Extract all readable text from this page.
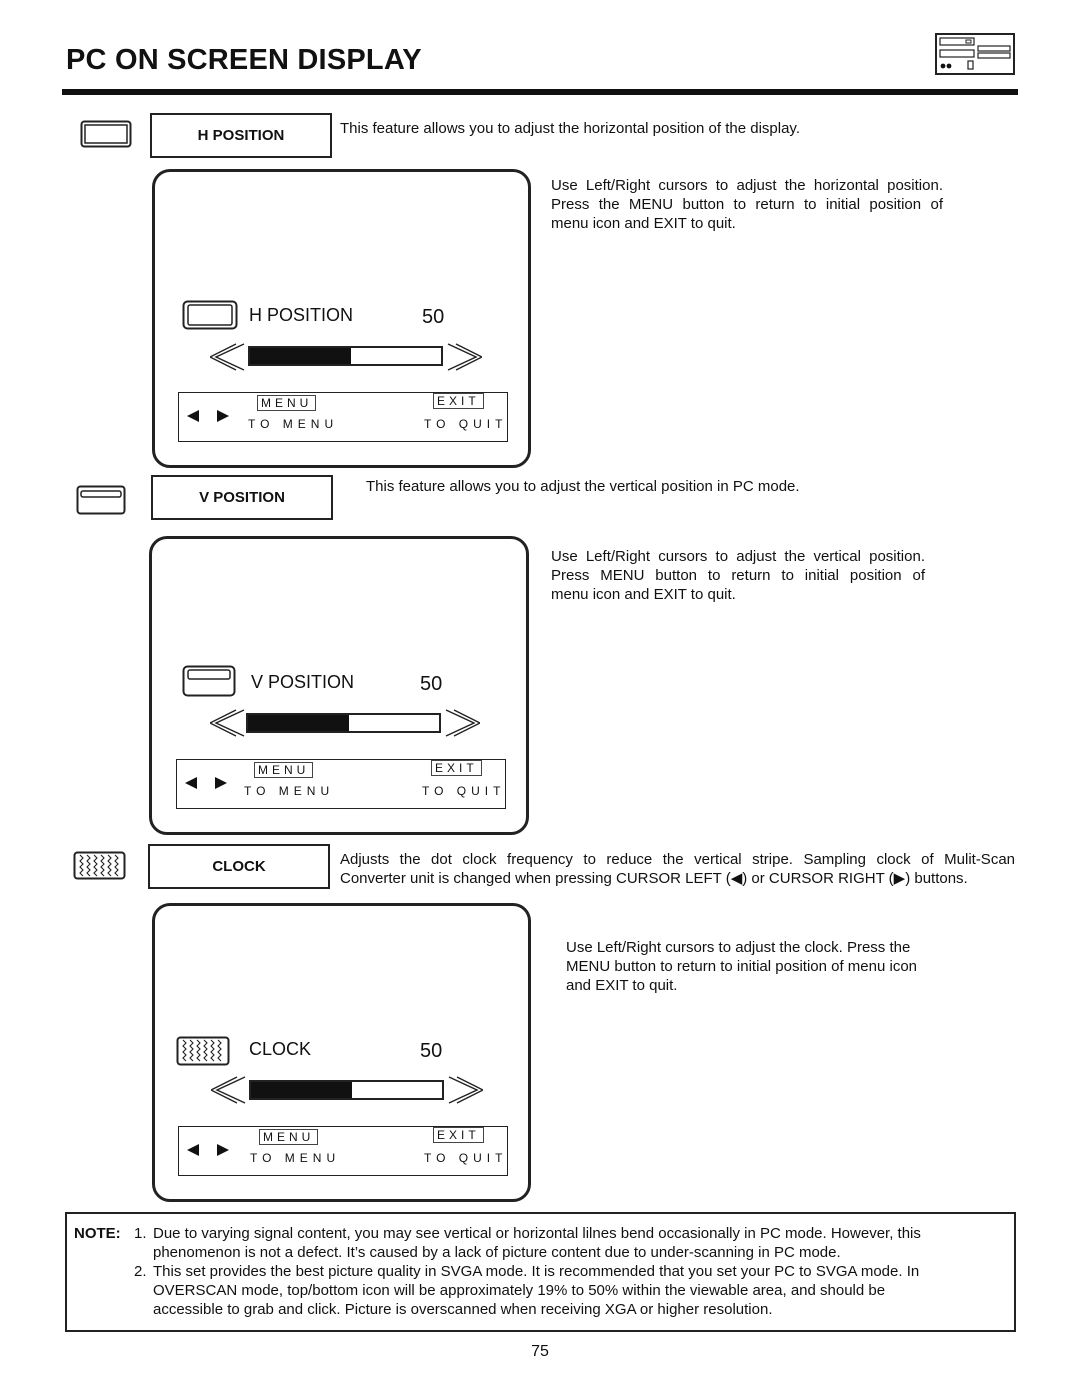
PC ON SCREEN DISPLAY
H POSITION	This feature allows you to adjust the horizontal position of the display.
Use Left/Right cursors to adjust the horizontal position.
Press the MENU button to return to initial position of
menu icon and EXIT to quit.
H POSITION	50
MENU	EXIT
TO MENU	TO QUIT
V POSITION
This feature allows you to adjust the vertical position in PC mode.
Use Left/Right cursors to adjust the vertical position.
Press MENU button to return to initial position of
menu icon and EXIT to quit.
V POSITION	50
MENU	EXIT
TO MENU	TO QUIT
CLOCK	Adjusts the dot clock frequency to reduce the vertical stripe. Sampling clock of Mulit-Scan
Converter unit is changed when pressing CURSOR LEFT (◀) or CURSOR RIGHT (▶) buttons.
Use Left/Right cursors to adjust the clock. Press the
MENU button to return to initial position of menu icon
and EXIT to quit.
CLOCK	50
MENU	EXIT
TO MENU	TO QUIT
NOTE: 1. Due to varying signal content, you may see vertical or horizontal lilnes bend occasionally in PC mode. However, this
phenomenon is not a defect. It’s caused by a lack of picture content due to under-scanning in PC mode.
2. This set provides the best picture quality in SVGA mode. It is recommended that you set your PC to SVGA mode. In
OVERSCAN mode, top/bottom icon will be approximately 19% to 50% within the viewable area, and should be
accessible to grab and click. Picture is overscanned when receiving XGA or higher resolution.
75
